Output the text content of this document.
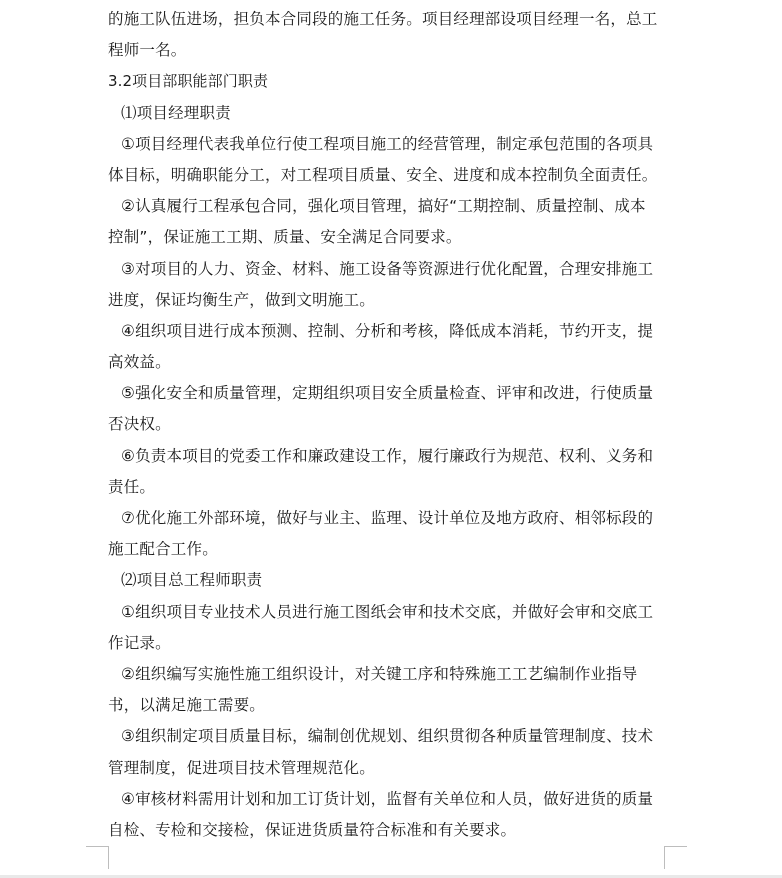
的施工队伍进场，担负本合同段的施工任务。项目经理部设项目经理一名，总工
程师一名。
3.2项目部职能部门职责
⑴项目经理职责
①项目经理代表我单位行使工程项目施工的经营管理，制定承包范围的各项具
体目标，明确职能分工，对工程项目质量、安全、进度和成本控制负全面责任。
②认真履行工程承包合同，强化项目管理，搞好“工期控制、质量控制、成本
控制”，保证施工工期、质量、安全满足合同要求。
③对项目的人力、资金、材料、施工设备等资源进行优化配置，合理安排施工
进度，保证均衡生产，做到文明施工。
④组织项目进行成本预测、控制、分析和考核，降低成本消耗，节约开支，提
高效益。
⑤强化安全和质量管理，定期组织项目安全质量检查、评审和改进，行使质量
否决权。
⑥负责本项目的党委工作和廉政建设工作，履行廉政行为规范、权利、义务和
责任。
⑦优化施工外部环境，做好与业主、监理、设计单位及地方政府、相邻标段的
施工配合工作。
⑵项目总工程师职责
①组织项目专业技术人员进行施工图纸会审和技术交底，并做好会审和交底工
作记录。
②组织编写实施性施工组织设计，对关键工序和特殊施工工艺编制作业指导
书，以满足施工需要。
③组织制定项目质量目标，编制创优规划、组织贯彻各种质量管理制度、技术
管理制度，促进项目技术管理规范化。
④审核材料需用计划和加工订货计划，监督有关单位和人员，做好进货的质量
自检、专检和交接检，保证进货质量符合标准和有关要求。
